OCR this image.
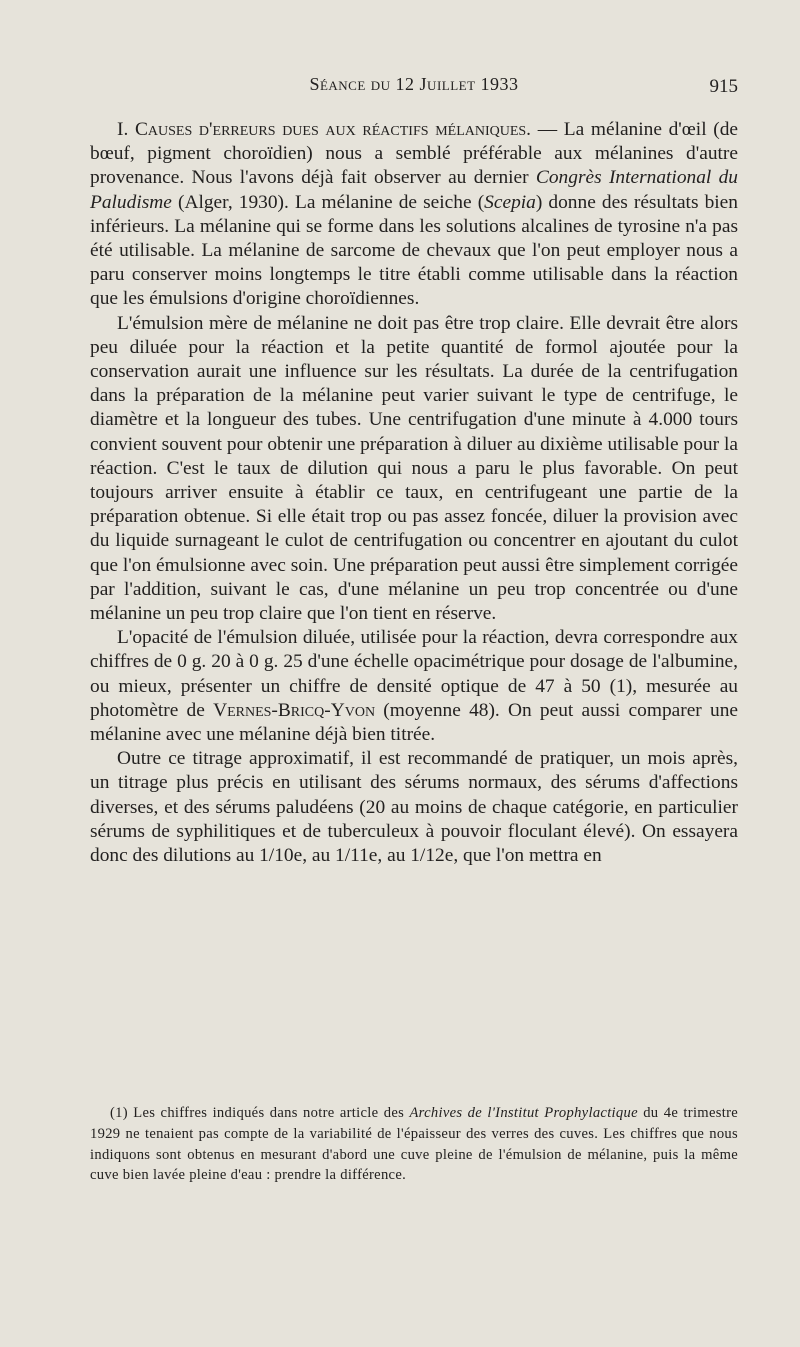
Séance du 12 Juillet 1933	915

I. Causes d'erreurs dues aux réactifs mélaniques. — La mélanine d'œil (de bœuf, pigment choroïdien) nous a semblé préférable aux mélanines d'autre provenance. Nous l'avons déjà fait observer au dernier Congrès International du Paludisme (Alger, 1930). La mélanine de seiche (Scepia) donne des résultats bien inférieurs. La mélanine qui se forme dans les solutions alcalines de tyrosine n'a pas été utilisable. La mélanine de sarcome de chevaux que l'on peut employer nous a paru conserver moins longtemps le titre établi comme utilisable dans la réaction que les émulsions d'origine choroïdiennes.

L'émulsion mère de mélanine ne doit pas être trop claire. Elle devrait être alors peu diluée pour la réaction et la petite quantité de formol ajoutée pour la conservation aurait une influence sur les résultats. La durée de la centrifugation dans la préparation de la mélanine peut varier suivant le type de centrifuge, le diamètre et la longueur des tubes. Une centrifugation d'une minute à 4.000 tours convient souvent pour obtenir une préparation à diluer au dixième utilisable pour la réaction. C'est le taux de dilution qui nous a paru le plus favorable. On peut toujours arriver ensuite à établir ce taux, en centrifugeant une partie de la préparation obtenue. Si elle était trop ou pas assez foncée, diluer la provision avec du liquide surnageant le culot de centrifugation ou concentrer en ajoutant du culot que l'on émulsionne avec soin. Une préparation peut aussi être simplement corrigée par l'addition, suivant le cas, d'une mélanine un peu trop concentrée ou d'une mélanine un peu trop claire que l'on tient en réserve.

L'opacité de l'émulsion diluée, utilisée pour la réaction, devra correspondre aux chiffres de 0 g. 20 à 0 g. 25 d'une échelle opacimétrique pour dosage de l'albumine, ou mieux, présenter un chiffre de densité optique de 47 à 50 (1), mesurée au photomètre de Vernes-Bricq-Yvon (moyenne 48). On peut aussi comparer une mélanine avec une mélanine déjà bien titrée.

Outre ce titrage approximatif, il est recommandé de pratiquer, un mois après, un titrage plus précis en utilisant des sérums normaux, des sérums d'affections diverses, et des sérums paludéens (20 au moins de chaque catégorie, en particulier sérums de syphilitiques et de tuberculeux à pouvoir floculant élevé). On essayera donc des dilutions au 1/10e, au 1/11e, au 1/12e, que l'on mettra en

(1) Les chiffres indiqués dans notre article des Archives de l'Institut Prophylactique du 4e trimestre 1929 ne tenaient pas compte de la variabilité de l'épaisseur des verres des cuves. Les chiffres que nous indiquons sont obtenus en mesurant d'abord une cuve pleine de l'émulsion de mélanine, puis la même cuve bien lavée pleine d'eau : prendre la différence.
